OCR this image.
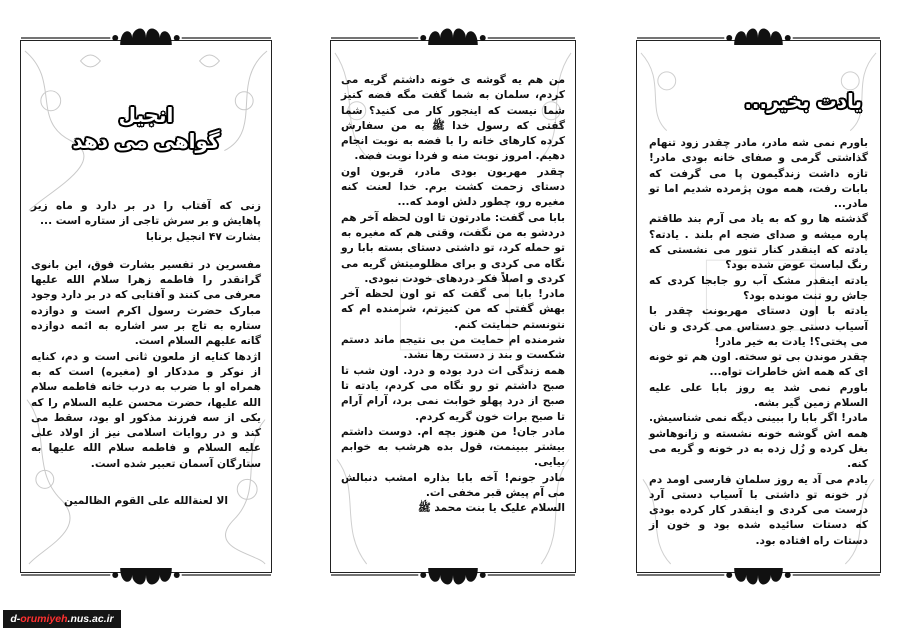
انجیل
گواهی می دهد

زنی که آفتاب را در بر دارد و ماه زیر پاهایش و بر سرش تاجی از ستاره است ...

بشارت ۴۷ انجیل برنابا

مفسرین در تفسیر بشارت فوق، این بانوی گرانقدر را فاطمه زهرا سلام الله علیها معرفی می کنند و آفتابی که در بر دارد وجود مبارک حضرت رسول اکرم است و دوازده ستاره به تاج بر سر اشاره به ائمه دوازده گانه علیهم السلام است.

اژدها کنایه از ملعون ثانی است و دم، کنایه از نوکر و مددکار او (مغیره) است که به همراه او با ضرب به درب خانه فاطمه سلام الله علیها، حضرت محسن علیه السلام را که یکی از سه فرزند مذکور او بود، سقط می کند و در روایات اسلامی نیز از اولاد علی علیه السلام و فاطمه سلام الله علیها به ستارگان آسمان تعبیر شده است.

الا لعنةالله علی القوم الظالمین

من هم یه گوشه ی خونه داشتم گریه می کردم، سلمان به شما گفت مگه فضه کنیز شما نیست که اینجور کار می کنید؟ شما گفتی که رسول خدا ﷺ به من سفارش کرده کارهای خانه را با فضه به نوبت انجام دهیم. امروز نوبت منه و فردا نوبت فضه.

چقدر مهربون بودی مادر، قربون اون دستای زحمت کشت برم. خدا لعنت کنه مغیره رو، چطور دلش اومد که...

بابا می گفت: مادرتون تا اون لحظه آخر هم دردشو به من نگفت، وقتی هم که مغیره به تو حمله کرد، تو داشتی دستای بسته بابا رو نگاه می کردی و برای مظلومیتش گریه می کردی و اصلاً فکر دردهای خودت نبودی.

مادر! بابا می گفت که تو اون لحظه آخر بهش گفتی که من کنیزتم، شرمنده ام که نتونستم حمایتت کنم.

شرمنده ام حمایت من بی نتیجه ماند دستم شکست و بند ز دستت رها نشد.

همه زندگی ات درد بوده و درد. اون شب تا صبح داشتم تو رو نگاه می کردم، یادته تا صبح از درد پهلو خوابت نمی برد، آرام آرام تا صبح برات خون گریه کردم.

مادر جان! من هنوز بچه ام. دوست داشتم بیشتر ببینمت، قول بده هرشب به خوابم بیایی.

مادر جونم! آخه بابا بذاره امشب دنبالش می آم پیش قبر مخفی ات.

السلام علیک یا بنت محمد ﷺ

یادت بخیر...

باورم نمی شه مادر، مادر چقدر زود تنهام گذاشتی گرمی و صفای خانه بودی مادر! تازه داشت زندگیمون پا می گرفت که بابات رفت، همه مون پژمرده شدیم اما تو مادر...

گذشته ها رو که به یاد می آرم بند طاقتم پاره میشه و صدای ضجه ام بلند . یادته؟ یادته که اینقدر کنار تنور می نشستی که رنگ لباست عوض شده بود؟

یادته اینقدر مشک آب رو جابجا کردی که جاش رو تنت مونده بود؟

یادته با اون دستای مهربونت چقدر با آسیاب دستی جو دستاس می کردی و نان می پختی؟! یادت به خیر مادر!

چقدر موندن بی تو سخته. اون هم تو خونه ای که همه اش خاطرات تواه...

باورم نمی شد یه روز بابا علی علیه السلام زمین گیر بشه.

مادر! اگر بابا را ببینی دیگه نمی شناسیش. همه اش گوشه خونه نشسته و زانوهاشو بغل کرده و زُل زده به در خونه و گریه می کنه.

یادم می آد یه روز سلمان فارسی اومد دم در خونه تو داشتی با آسیاب دستی آرد درست می کردی و اینقدر کار کرده بودی که دستات سائیده شده بود و خون از دستات راه افتاده بود.

d-orumiyeh.nus.ac.ir
